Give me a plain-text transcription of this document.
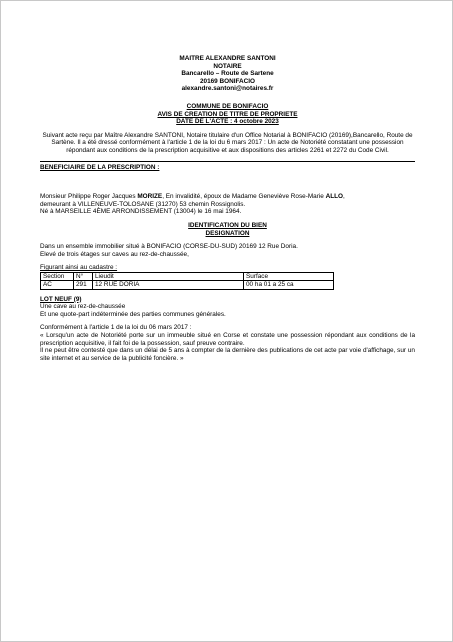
MAITRE ALEXANDRE SANTONI
NOTAIRE
Bancarello – Route de Sartene
20169 BONIFACIO
alexandre.santoni@notaires.fr
COMMUNE DE BONIFACIO
AVIS DE CREATION DE TITRE DE PROPRIETE
DATE DE L'ACTE : 4 octobre 2023
Suivant acte reçu par Maître Alexandre SANTONI, Notaire titulaire d'un Office Notarial à BONIFACIO (20169),Bancarello, Route de Sartène. Il a été dressé conformément à l'article 1 de la loi du 6 mars 2017 : Un acte de Notoriété constatant une possession répondant aux conditions de la prescription acquisitive et aux dispositions des articles 2261 et 2272 du Code Civil.
BENEFICIAIRE DE LA PRESCRIPTION :
Monsieur Philippe Roger Jacques MORIZE, En invalidité, époux de Madame Geneviève Rose-Marie ALLO,
demeurant à VILLENEUVE-TOLOSANE (31270) 53 chemin Rossignolis.
Né à MARSEILLE 4ÈME ARRONDISSEMENT (13004) le 16 mai 1964.
IDENTIFICATION DU BIEN
DESIGNATION
Dans un ensemble immobilier situé à BONIFACIO (CORSE-DU-SUD) 20169 12 Rue Doria.
Elevé de trois étages sur caves au rez-de-chaussée,
Figurant ainsi au cadastre :
Section	N°	Lieudit	Surface
AC	291	12 RUE DORIA	00 ha 01 a 25 ca
LOT NEUF (9)
Une cave au rez-de-chaussée
Et une quote-part indéterminée des parties communes générales.
Conformément à l'article 1 de la loi du 06 mars 2017 :
« Lorsqu'un acte de Notoriété porte sur un immeuble situé en Corse et constate une possession répondant aux conditions de la prescription acquisitive, il fait foi de la possession, sauf preuve contraire.
Il ne peut être contesté que dans un délai de 5 ans à compter de la dernière des publications de cet acte par voie d'affichage, sur un site internet et au service de la publicité foncière. »
